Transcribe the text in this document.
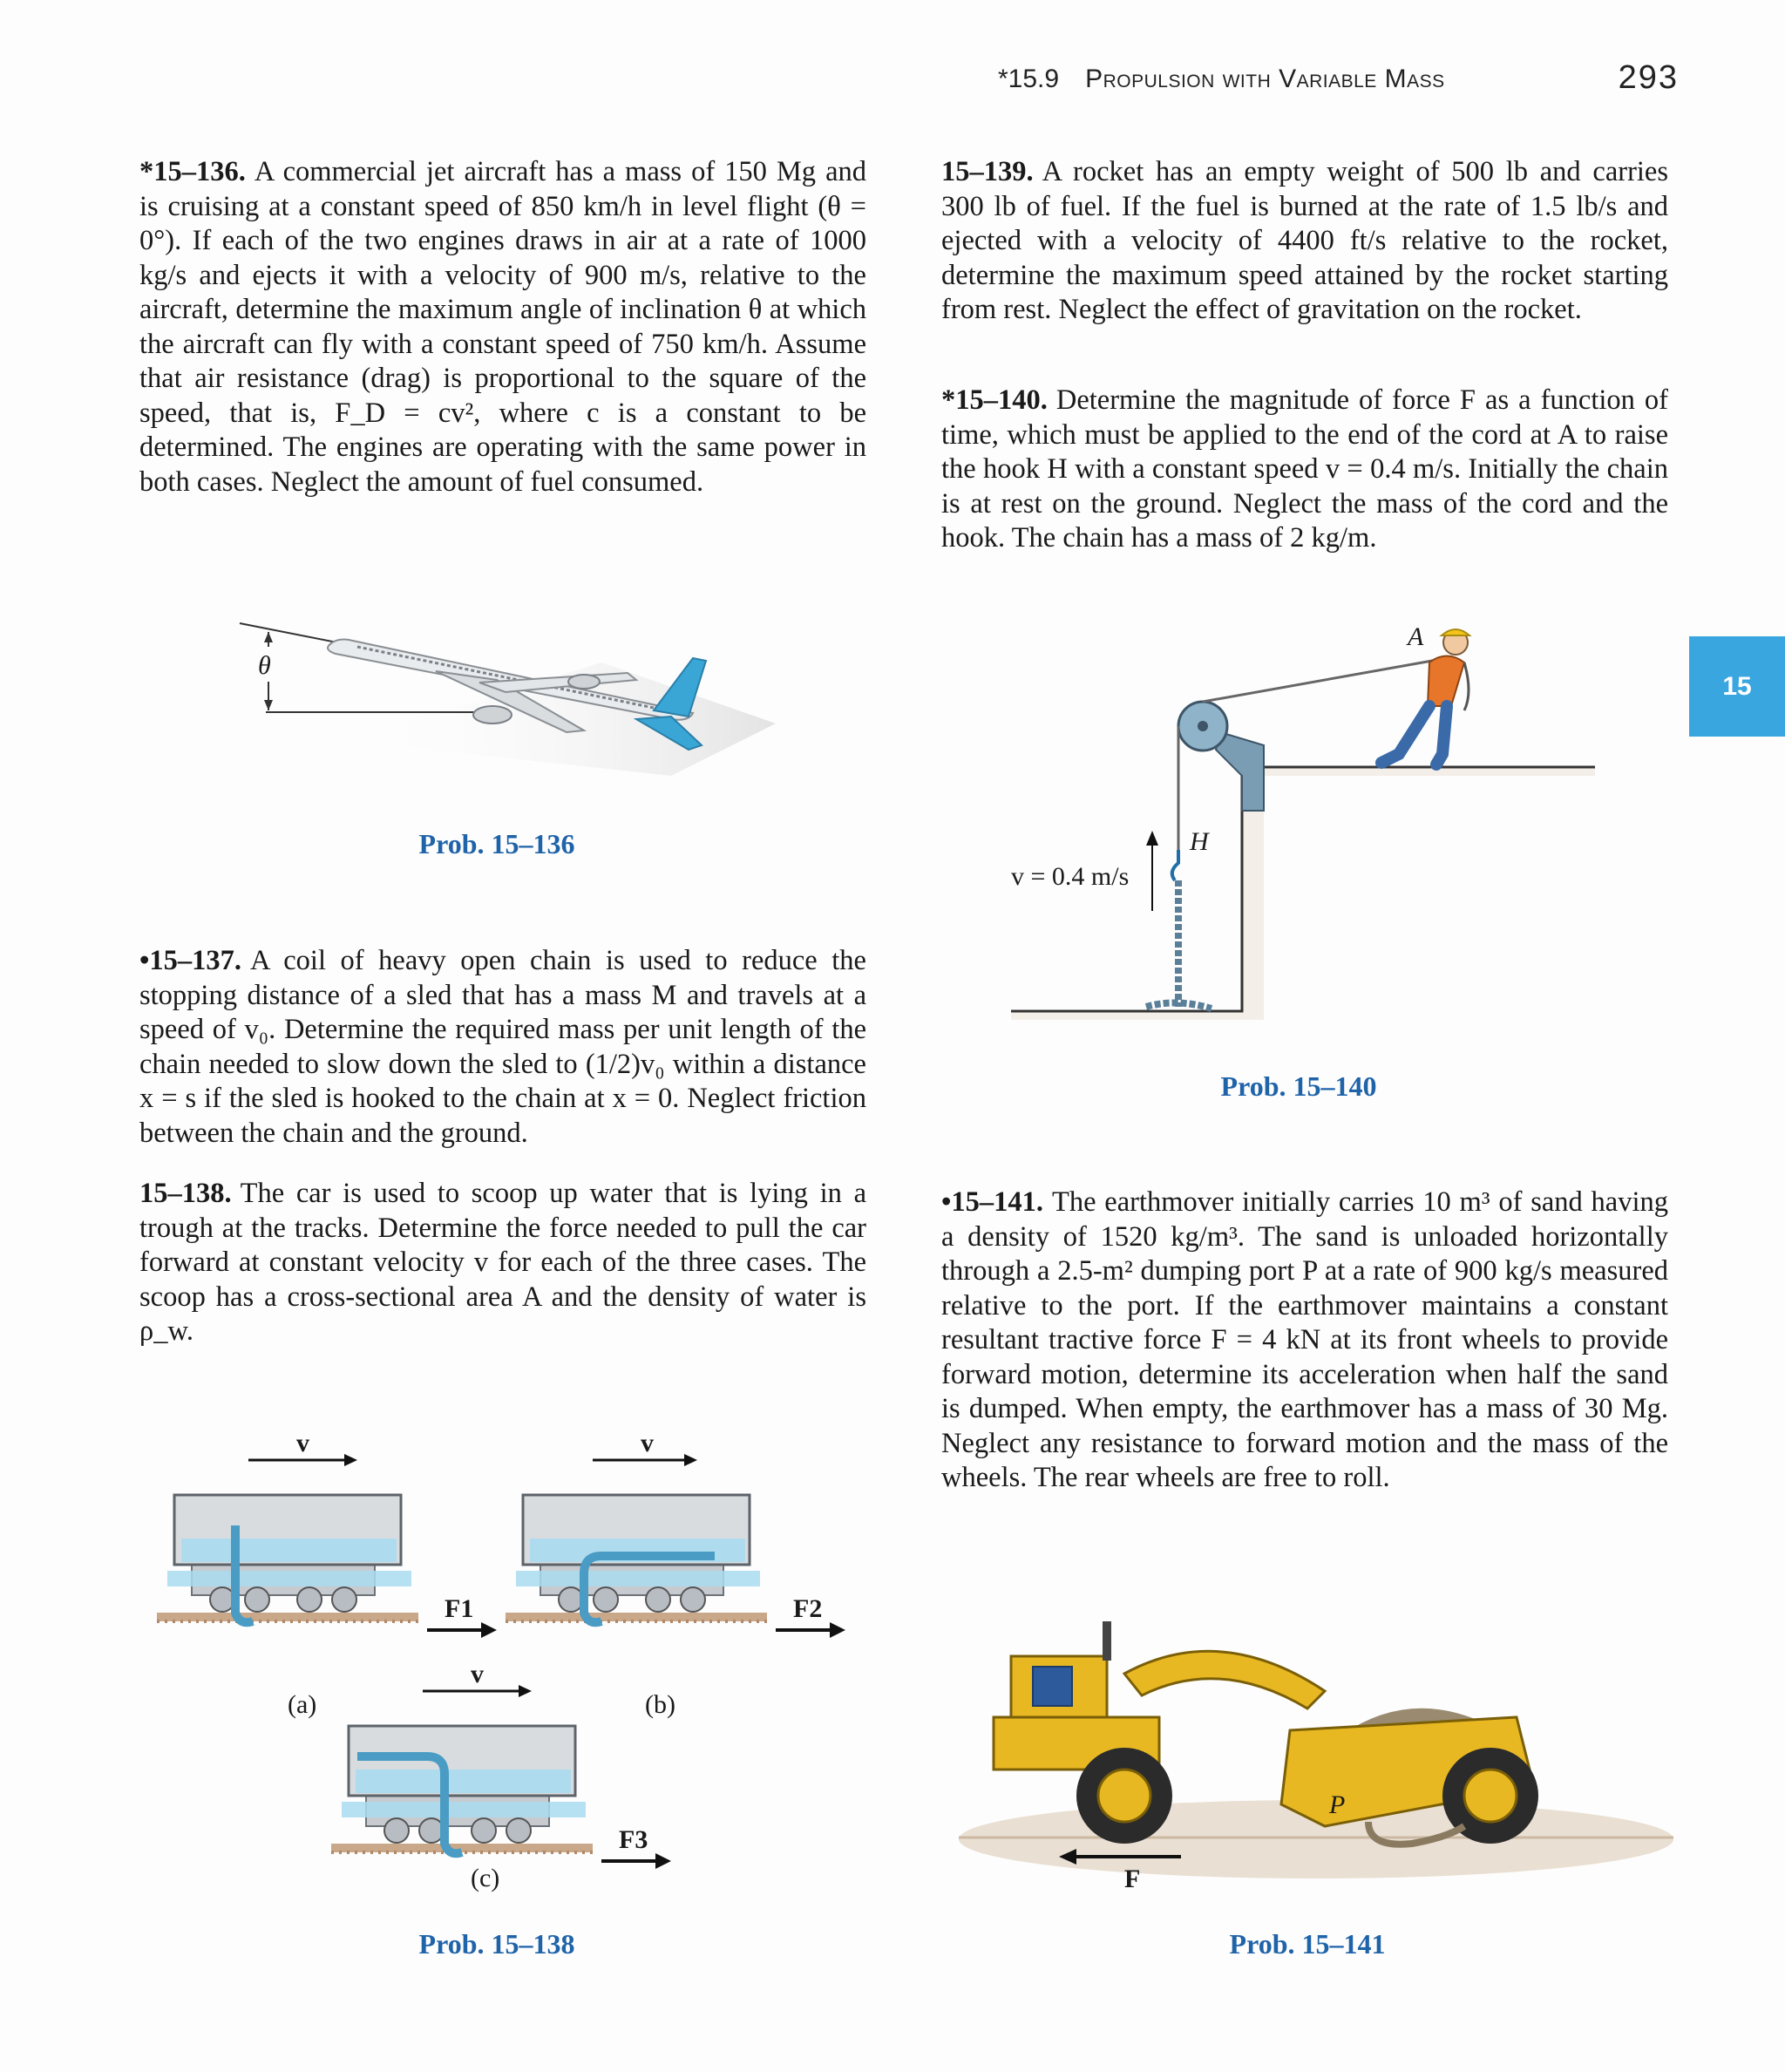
*15.9 Propulsion with Variable Mass	293
15

*15–136. A commercial jet aircraft has a mass of 150 Mg and is cruising at a constant speed of 850 km/h in level flight (θ = 0°). If each of the two engines draws in air at a rate of 1000 kg/s and ejects it with a velocity of 900 m/s, relative to the aircraft, determine the maximum angle of inclination θ at which the aircraft can fly with a constant speed of 750 km/h. Assume that air resistance (drag) is proportional to the square of the speed, that is, F_D = cv², where c is a constant to be determined. The engines are operating with the same power in both cases. Neglect the amount of fuel consumed.

θ
Prob. 15–136

•15–137. A coil of heavy open chain is used to reduce the stopping distance of a sled that has a mass M and travels at a speed of v₀. Determine the required mass per unit length of the chain needed to slow down the sled to (1/2)v₀ within a distance x = s if the sled is hooked to the chain at x = 0. Neglect friction between the chain and the ground.

15–138. The car is used to scoop up water that is lying in a trough at the tracks. Determine the force needed to pull the car forward at constant velocity v for each of the three cases. The scoop has a cross-sectional area A and the density of water is ρ_w.

v
F1
(a)
v
F2
(b)
v
F3
(c)
Prob. 15–138

15–139. A rocket has an empty weight of 500 lb and carries 300 lb of fuel. If the fuel is burned at the rate of 1.5 lb/s and ejected with a velocity of 4400 ft/s relative to the rocket, determine the maximum speed attained by the rocket starting from rest. Neglect the effect of gravitation on the rocket.

*15–140. Determine the magnitude of force F as a function of time, which must be applied to the end of the cord at A to raise the hook H with a constant speed v = 0.4 m/s. Initially the chain is at rest on the ground. Neglect the mass of the cord and the hook. The chain has a mass of 2 kg/m.

A
H
v = 0.4 m/s
Prob. 15–140

•15–141. The earthmover initially carries 10 m³ of sand having a density of 1520 kg/m³. The sand is unloaded horizontally through a 2.5-m² dumping port P at a rate of 900 kg/s measured relative to the port. If the earthmover maintains a constant resultant tractive force F = 4 kN at its front wheels to provide forward motion, determine its acceleration when half the sand is dumped. When empty, the earthmover has a mass of 30 Mg. Neglect any resistance to forward motion and the mass of the wheels. The rear wheels are free to roll.

P
F
Prob. 15–141
